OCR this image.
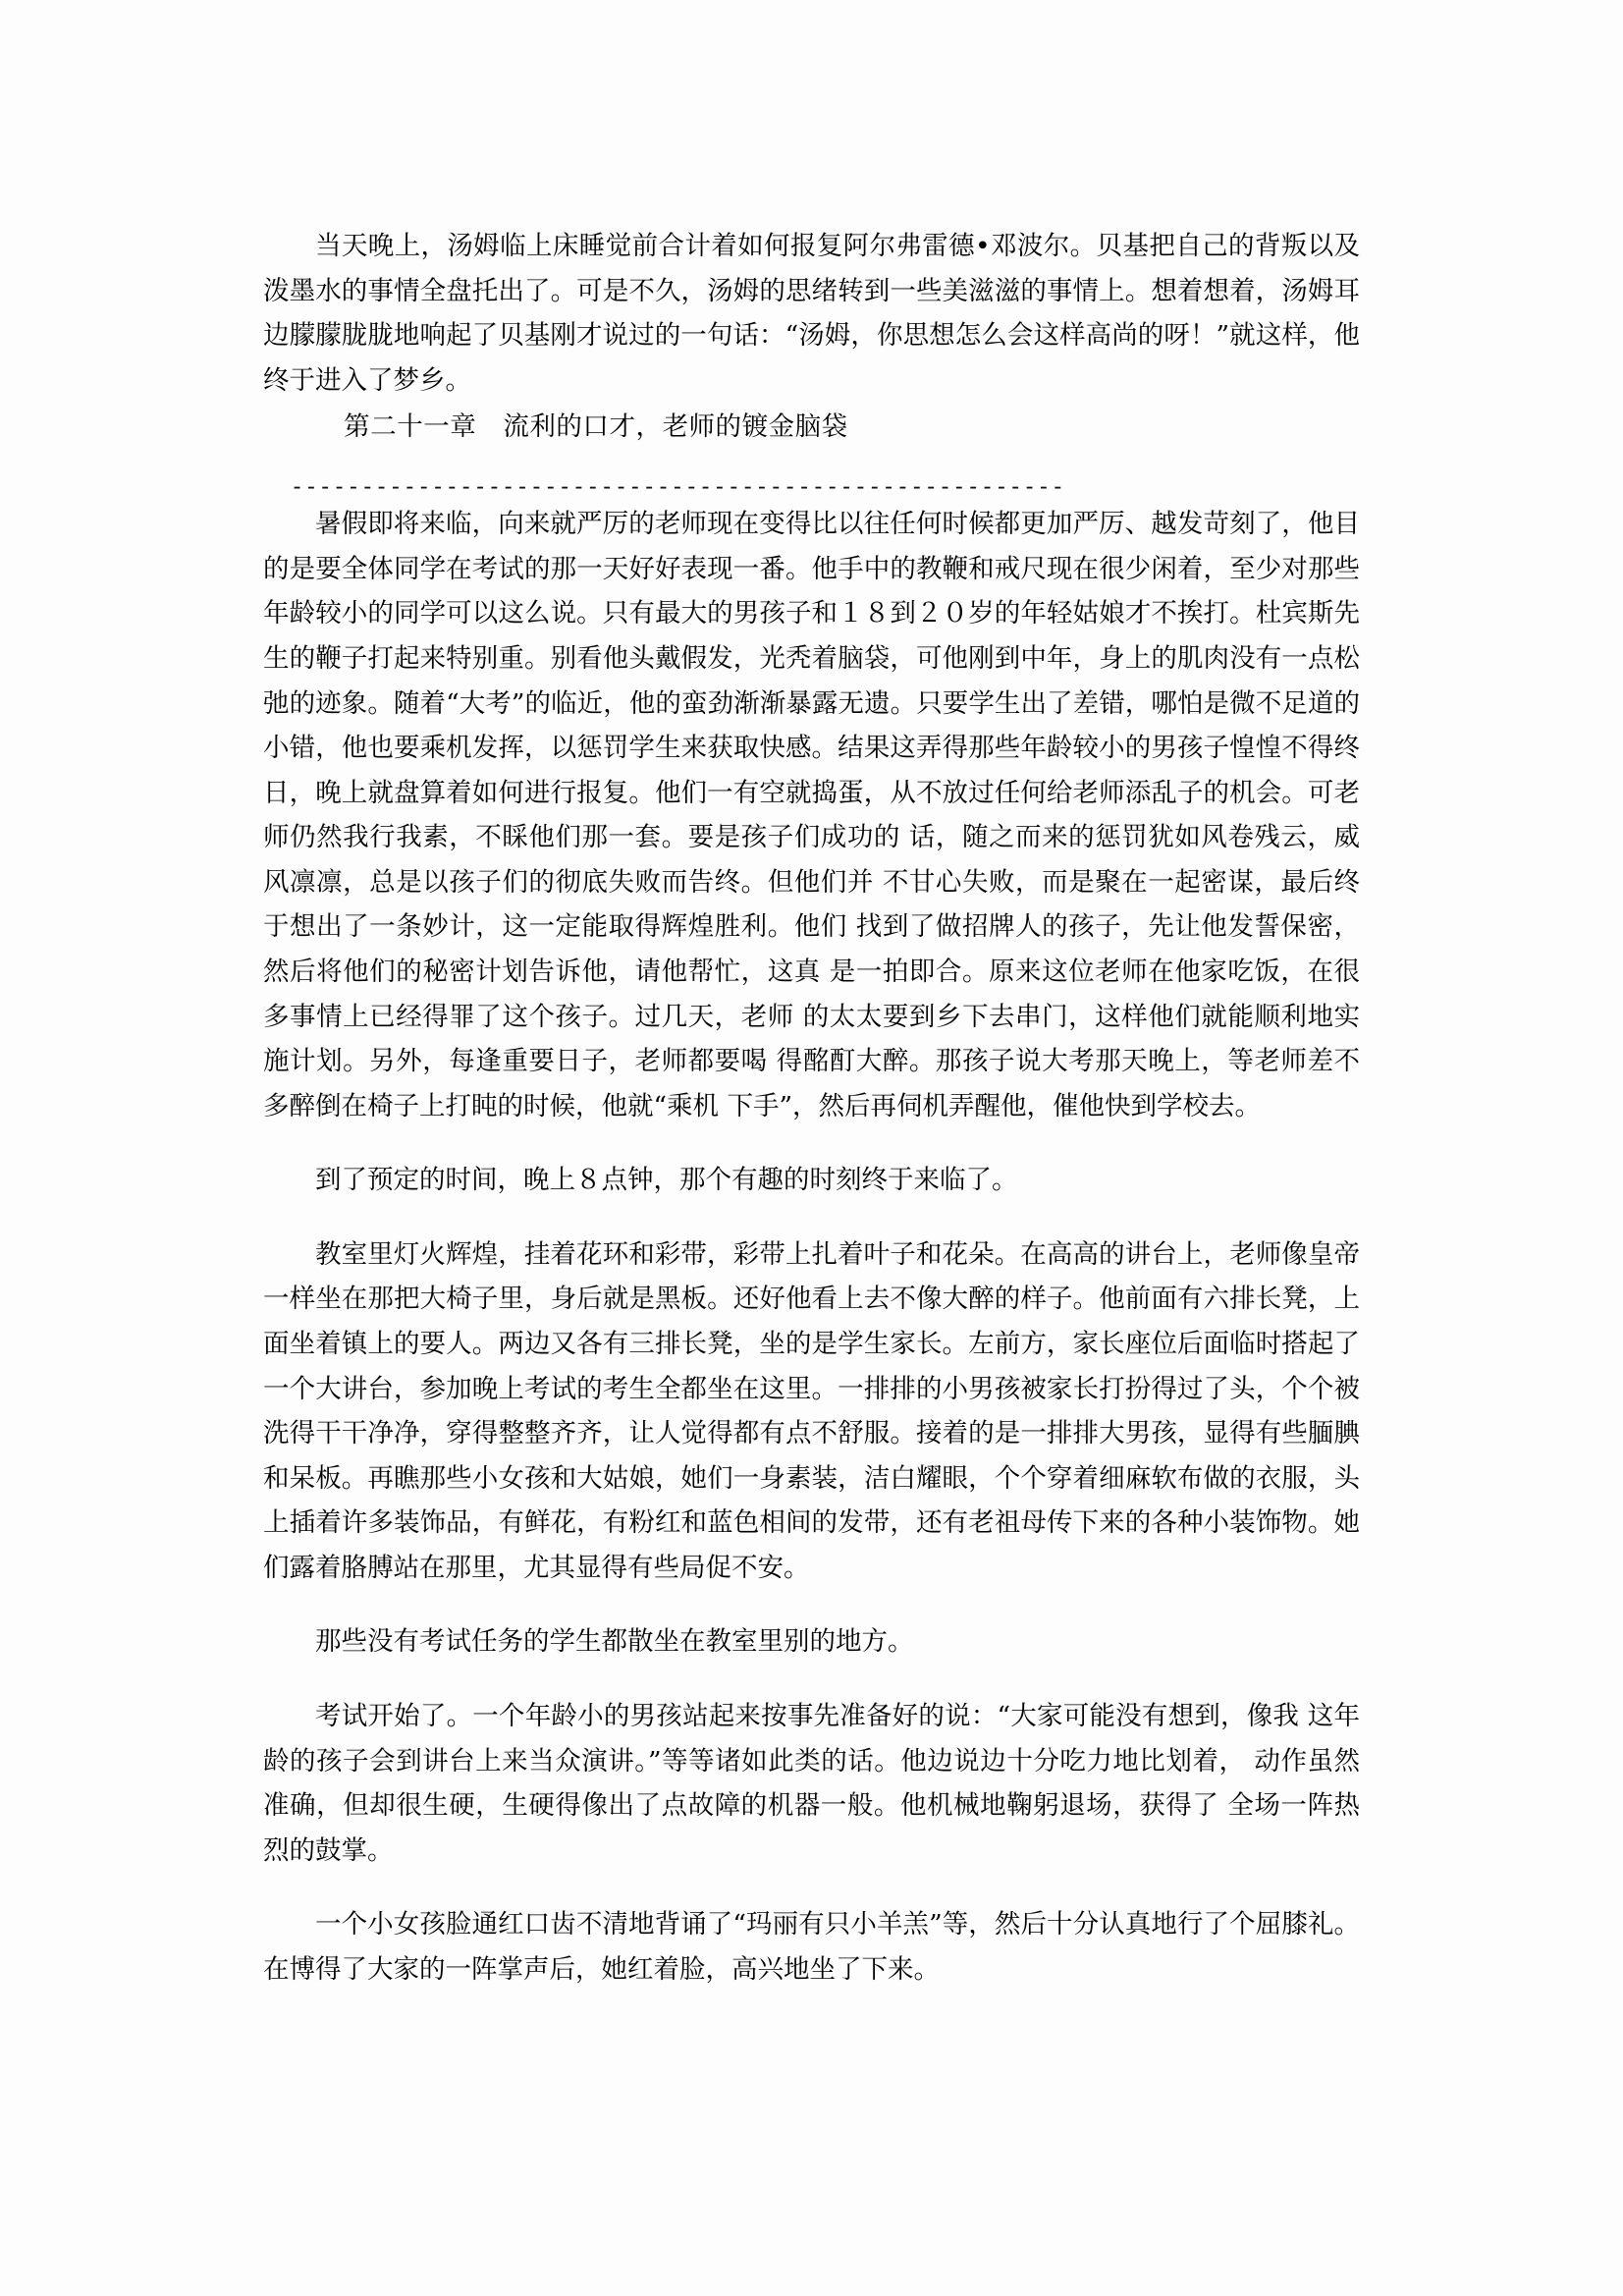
当天晚上，汤姆临上床睡觉前合计着如何报复阿尔弗雷德•邓波尔。贝基把自己的背叛以及泼墨水的事情全盘托出了。可是不久，汤姆的思绪转到一些美滋滋的事情上。想着想着，汤姆耳边朦朦胧胧地响起了贝基刚才说过的一句话：“汤姆，你思想怎么会这样高尚的呀！”就这样，他终于进入了梦乡。

第二十一章　流利的口才，老师的镀金脑袋

-------------------------------------------------------

暑假即将来临，向来就严厉的老师现在变得比以往任何时候都更加严厉、越发苛刻了，他目的是要全体同学在考试的那一天好好表现一番。他手中的教鞭和戒尺现在很少闲着，至少对那些年龄较小的同学可以这么说。只有最大的男孩子和１８到２０岁的年轻姑娘才不挨打。杜宾斯先生的鞭子打起来特别重。别看他头戴假发，光秃着脑袋，可他刚到中年，身上的肌肉没有一点松弛的迹象。随着“大考”的临近，他的蛮劲渐渐暴露无遗。只要学生出了差错，哪怕是微不足道的小错，他也要乘机发挥，以惩罚学生来获取快感。结果这弄得那些年龄较小的男孩子惶惶不得终日，晚上就盘算着如何进行报复。他们一有空就捣蛋，从不放过任何给老师添乱子的机会。可老师仍然我行我素，不睬他们那一套。要是孩子们成功的 话，随之而来的惩罚犹如风卷残云，威风凛凛，总是以孩子们的彻底失败而告终。但他们并 不甘心失败，而是聚在一起密谋，最后终于想出了一条妙计，这一定能取得辉煌胜利。他们 找到了做招牌人的孩子，先让他发誓保密，然后将他们的秘密计划告诉他，请他帮忙，这真 是一拍即合。原来这位老师在他家吃饭，在很多事情上已经得罪了这个孩子。过几天，老师 的太太要到乡下去串门，这样他们就能顺利地实施计划。另外，每逢重要日子，老师都要喝 得酩酊大醉。那孩子说大考那天晚上，等老师差不多醉倒在椅子上打盹的时候，他就“乘机 下手”，然后再伺机弄醒他，催他快到学校去。

到了预定的时间，晚上８点钟，那个有趣的时刻终于来临了。

教室里灯火辉煌，挂着花环和彩带，彩带上扎着叶子和花朵。在高高的讲台上，老师像皇帝一样坐在那把大椅子里，身后就是黑板。还好他看上去不像大醉的样子。他前面有六排长凳，上面坐着镇上的要人。两边又各有三排长凳，坐的是学生家长。左前方，家长座位后面临时搭起了一个大讲台，参加晚上考试的考生全都坐在这里。一排排的小男孩被家长打扮得过了头，个个被洗得干干净净，穿得整整齐齐，让人觉得都有点不舒服。接着的是一排排大男孩，显得有些腼腆和呆板。再瞧那些小女孩和大姑娘，她们一身素装，洁白耀眼，个个穿着细麻软布做的衣服，头上插着许多装饰品，有鲜花，有粉红和蓝色相间的发带，还有老祖母传下来的各种小装饰物。她们露着胳膊站在那里，尤其显得有些局促不安。

那些没有考试任务的学生都散坐在教室里别的地方。

考试开始了。一个年龄小的男孩站起来按事先准备好的说：“大家可能没有想到，像我 这年龄的孩子会到讲台上来当众演讲。”等等诸如此类的话。他边说边十分吃力地比划着， 动作虽然准确，但却很生硬，生硬得像出了点故障的机器一般。他机械地鞠躬退场，获得了 全场一阵热烈的鼓掌。

一个小女孩脸通红口齿不清地背诵了“玛丽有只小羊羔”等，然后十分认真地行了个屈膝礼。在博得了大家的一阵掌声后，她红着脸，高兴地坐了下来。
